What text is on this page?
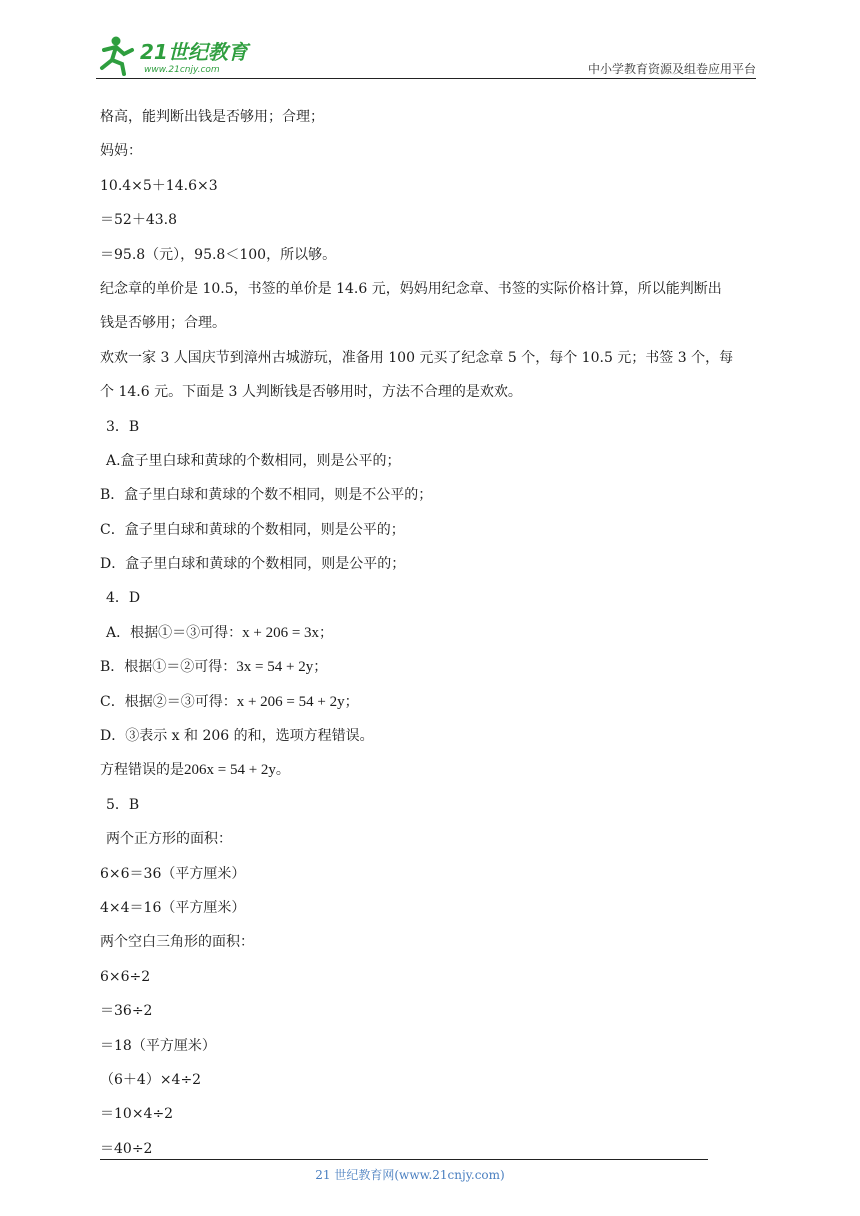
21世纪教育
www.21cnjy.com	中小学教育资源及组卷应用平台
格高，能判断出钱是否够用；合理；
妈妈：
10.4×5＋14.6×3
＝52＋43.8
＝95.8（元），95.8＜100，所以够。
纪念章的单价是 10.5，书签的单价是 14.6 元，妈妈用纪念章、书签的实际价格计算，所以能判断出
钱是否够用；合理。
欢欢一家 3 人国庆节到漳州古城游玩，准备用 100 元买了纪念章 5 个，每个 10.5 元；书签 3 个，每
个 14.6 元。下面是 3 人判断钱是否够用时，方法不合理的是欢欢。
3．B
A.盒子里白球和黄球的个数相同，则是公平的；
B．盒子里白球和黄球的个数不相同，则是不公平的；
C．盒子里白球和黄球的个数相同，则是公平的；
D．盒子里白球和黄球的个数相同，则是公平的；
4．D
A．根据①＝③可得：x + 206 = 3x；
B．根据①＝②可得：3x = 54 + 2y；
C．根据②＝③可得：x + 206 = 54 + 2y；
D．③表示 x 和 206 的和，选项方程错误。
方程错误的是206x = 54 + 2y。
5．B
两个正方形的面积：
6×6＝36（平方厘米）
4×4＝16（平方厘米）
两个空白三角形的面积：
6×6÷2
＝36÷2
＝18（平方厘米）
（6＋4）×4÷2
＝10×4÷2
＝40÷2
21 世纪教育网(www.21cnjy.com)
